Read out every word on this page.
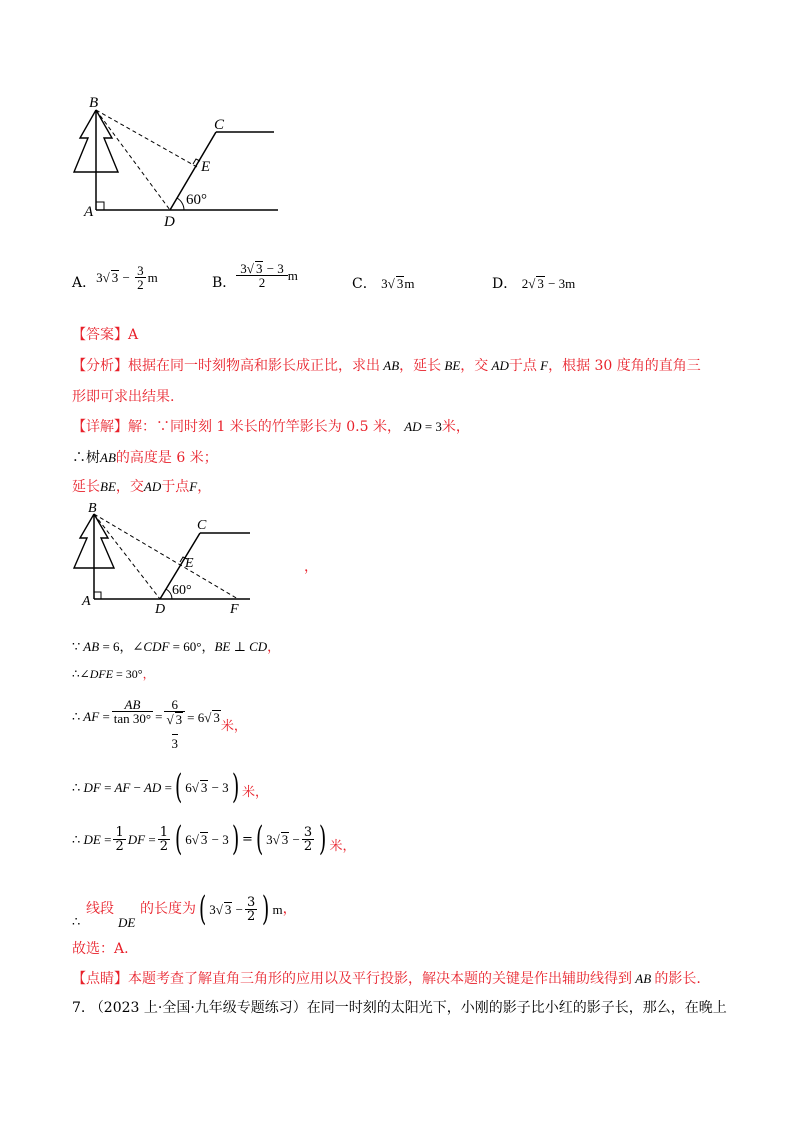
B
C
E
A
D
60°
A． 3 √ $3 - \frac{3}{2}$ m	B． $\frac{3√ 3 - 3}{2}$ m
C． 3√ 3m	D． 2√ 3 − 3m
【答案】A
【分析】根据在同一时刻物高和影长成正比，求出 AB，延长 BE，交 AD于点 F，根据 30 度角的直角三
形即可求出结果.
【详解】解：∵同时刻 1 米长的竹竿影长为 0.5 米， AD = 3米，
∴树AB的高度是 6 米；
延长BE，交AD于点F，
B
C
E
A
D	F
60°
，
∵ AB = 6，∠CDF = 60°，BE ⊥ CD，
∴∠DFE = 30°，
∴ AF = $\frac{AB}{\tan 30^\circ} = 6$
√ 3
3 = 6√ 3
米，
∴ DF = AF − AD = ( 6√ 3 − 3 ) 米，
∴ DE = $\frac{1}{2}$ DF = $\frac{1}{2}$ ( 6√ 3 − 3 ) = ( 3√ $3 - \frac{3}{2}$ ) 米，
∴
线段
DE
的长度为 ( 3√ $3 - \frac{3}{2}$ ) m ，
故选：A.
【点睛】本题考查了解直角三角形的应用以及平行投影，解决本题的关键是作出辅助线得到 AB 的影长.
7. （2023 上·全国·九年级专题练习）在同一时刻的太阳光下，小刚的影子比小红的影子长，那么，在晚上
